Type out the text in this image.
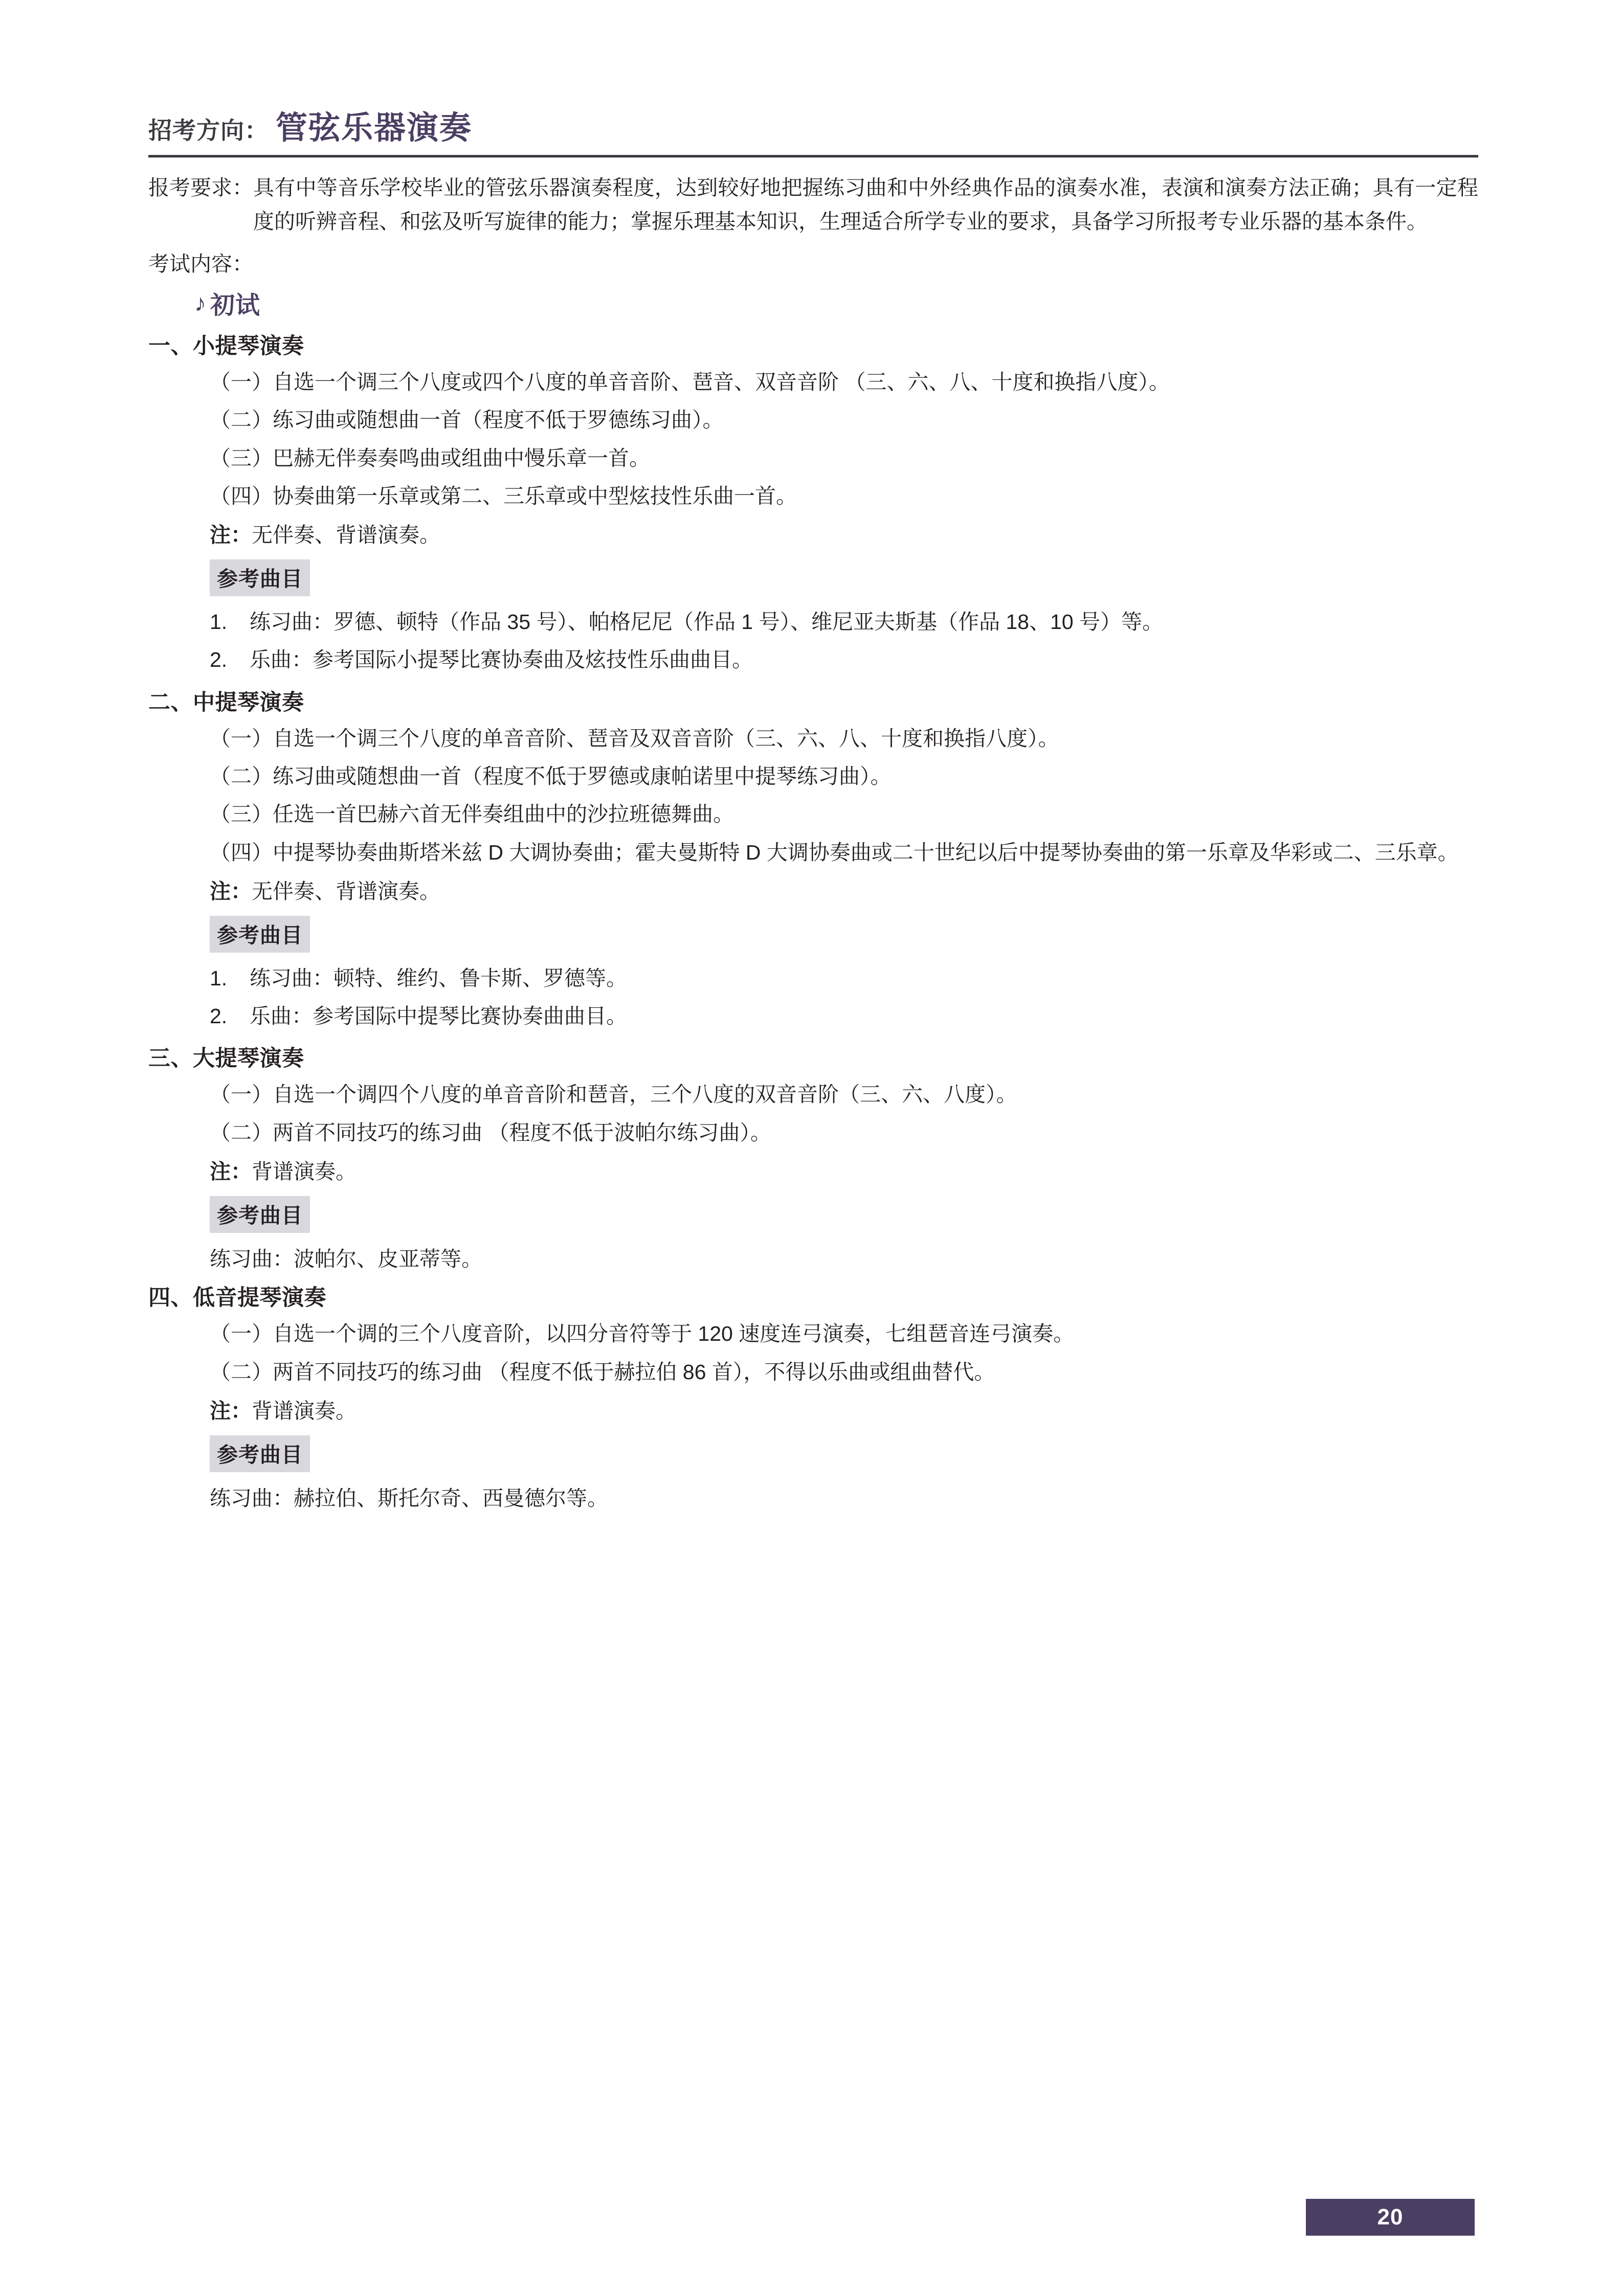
招考方向： 管弦乐器演奏
报考要求： 具有中等音乐学校毕业的管弦乐器演奏程度，达到较好地把握练习曲和中外经典作品的演奏水准，表演和演奏方法正确；具有一定程度的听辨音程、和弦及听写旋律的能力；掌握乐理基本知识，生理适合所学专业的要求，具备学习所报考专业乐器的基本条件。
考试内容：
♪ 初试
一、小提琴演奏
（一）自选一个调三个八度或四个八度的单音音阶、琶音、双音音阶 （三、六、八、十度和换指八度）。
（二）练习曲或随想曲一首（程度不低于罗德练习曲）。
（三）巴赫无伴奏奏鸣曲或组曲中慢乐章一首。
（四）协奏曲第一乐章或第二、三乐章或中型炫技性乐曲一首。
注：无伴奏、背谱演奏。
参考曲目
1.	练习曲：罗德、顿特（作品 35 号）、帕格尼尼（作品 1 号）、维尼亚夫斯基（作品 18、10 号）等。
2.	乐曲：参考国际小提琴比赛协奏曲及炫技性乐曲曲目。
二、中提琴演奏
（一）自选一个调三个八度的单音音阶、琶音及双音音阶（三、六、八、十度和换指八度）。
（二）练习曲或随想曲一首（程度不低于罗德或康帕诺里中提琴练习曲）。
（三）任选一首巴赫六首无伴奏组曲中的沙拉班德舞曲。
（四）中提琴协奏曲斯塔米兹 D 大调协奏曲；霍夫曼斯特 D 大调协奏曲或二十世纪以后中提琴协奏曲的第一乐章及华彩或二、三乐章。
注：无伴奏、背谱演奏。
参考曲目
1.	练习曲：顿特、维约、鲁卡斯、罗德等。
2.	乐曲：参考国际中提琴比赛协奏曲曲目。
三、大提琴演奏
（一）自选一个调四个八度的单音音阶和琶音，三个八度的双音音阶（三、六、八度）。
（二）两首不同技巧的练习曲 （程度不低于波帕尔练习曲）。
注：背谱演奏。
参考曲目
练习曲：波帕尔、皮亚蒂等。
四、低音提琴演奏
（一）自选一个调的三个八度音阶，以四分音符等于 120 速度连弓演奏，七组琶音连弓演奏。
（二）两首不同技巧的练习曲 （程度不低于赫拉伯 86 首），不得以乐曲或组曲替代。
注：背谱演奏。
参考曲目
练习曲：赫拉伯、斯托尔奇、西曼德尔等。
20
